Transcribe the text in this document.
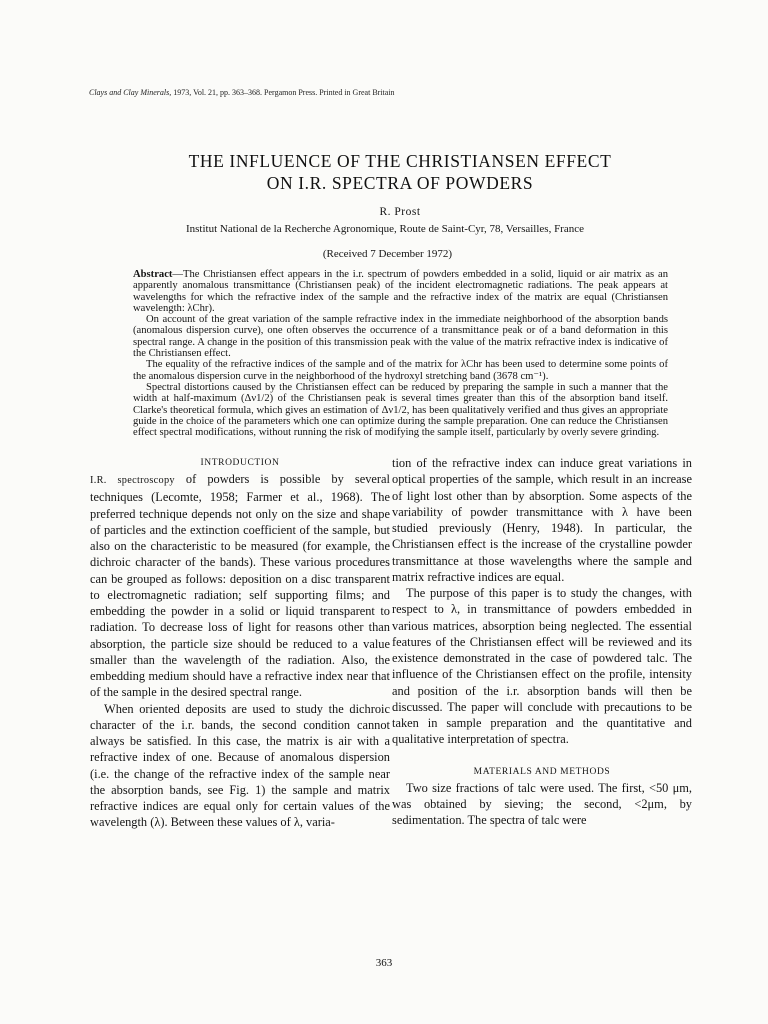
Clays and Clay Minerals, 1973, Vol. 21, pp. 363–368. Pergamon Press. Printed in Great Britain
THE INFLUENCE OF THE CHRISTIANSEN EFFECT
ON I.R. SPECTRA OF POWDERS
R. Prost
Institut National de la Recherche Agronomique, Route de Saint-Cyr, 78, Versailles, France
(Received 7 December 1972)

Abstract—The Christiansen effect appears in the i.r. spectrum of powders embedded in a solid, liquid or air matrix as an apparently anomalous transmittance (Christiansen peak) of the incident electromagnetic radiations. The peak appears at wavelengths for which the refractive index of the sample and the refractive index of the matrix are equal (Christiansen wavelength: λChr).

On account of the great variation of the sample refractive index in the immediate neighborhood of the absorption bands (anomalous dispersion curve), one often observes the occurrence of a transmittance peak or of a band deformation in this spectral range. A change in the position of this transmission peak with the value of the matrix refractive index is indicative of the Christiansen effect.

The equality of the refractive indices of the sample and of the matrix for λChr has been used to determine some points of the anomalous dispersion curve in the neighborhood of the hydroxyl stretching band (3678 cm⁻¹).

Spectral distortions caused by the Christiansen effect can be reduced by preparing the sample in such a manner that the width at half-maximum (Δν1/2) of the Christiansen peak is several times greater than this of the absorption band itself. Clarke's theoretical formula, which gives an estimation of Δν1/2, has been qualitatively verified and thus gives an appropriate guide in the choice of the parameters which one can optimize during the sample preparation. One can reduce the Christiansen effect spectral modifications, without running the risk of modifying the sample itself, particularly by overly severe grinding.

INTRODUCTION

I.R. spectroscopy of powders is possible by several techniques (Lecomte, 1958; Farmer et al., 1968). The preferred technique depends not only on the size and shape of particles and the extinction coefficient of the sample, but also on the characteristic to be measured (for example, the dichroic character of the bands). These various procedures can be grouped as follows: deposition on a disc transparent to electromagnetic radiation; self supporting films; and embedding the powder in a solid or liquid transparent to radiation. To decrease loss of light for reasons other than absorption, the particle size should be reduced to a value smaller than the wavelength of the radiation. Also, the embedding medium should have a refractive index near that of the sample in the desired spectral range.

When oriented deposits are used to study the dichroic character of the i.r. bands, the second condition cannot always be satisfied. In this case, the matrix is air with a refractive index of one. Because of anomalous dispersion (i.e. the change of the refractive index of the sample near the absorption bands, see Fig. 1) the sample and matrix refractive indices are equal only for certain values of the wavelength (λ). Between these values of λ, varia-

tion of the refractive index can induce great variations in optical properties of the sample, which result in an increase of light lost other than by absorption. Some aspects of the variability of powder transmittance with λ have been studied previously (Henry, 1948). In particular, the Christiansen effect is the increase of the crystalline powder transmittance at those wavelengths where the sample and matrix refractive indices are equal.

The purpose of this paper is to study the changes, with respect to λ, in transmittance of powders embedded in various matrices, absorption being neglected. The essential features of the Christiansen effect will be reviewed and its existence demonstrated in the case of powdered talc. The influence of the Christiansen effect on the profile, intensity and position of the i.r. absorption bands will then be discussed. The paper will conclude with precautions to be taken in sample preparation and the quantitative and qualitative interpretation of spectra.

MATERIALS AND METHODS

Two size fractions of talc were used. The first, <50 μm, was obtained by sieving; the second, <2μm, by sedimentation. The spectra of talc were

363
